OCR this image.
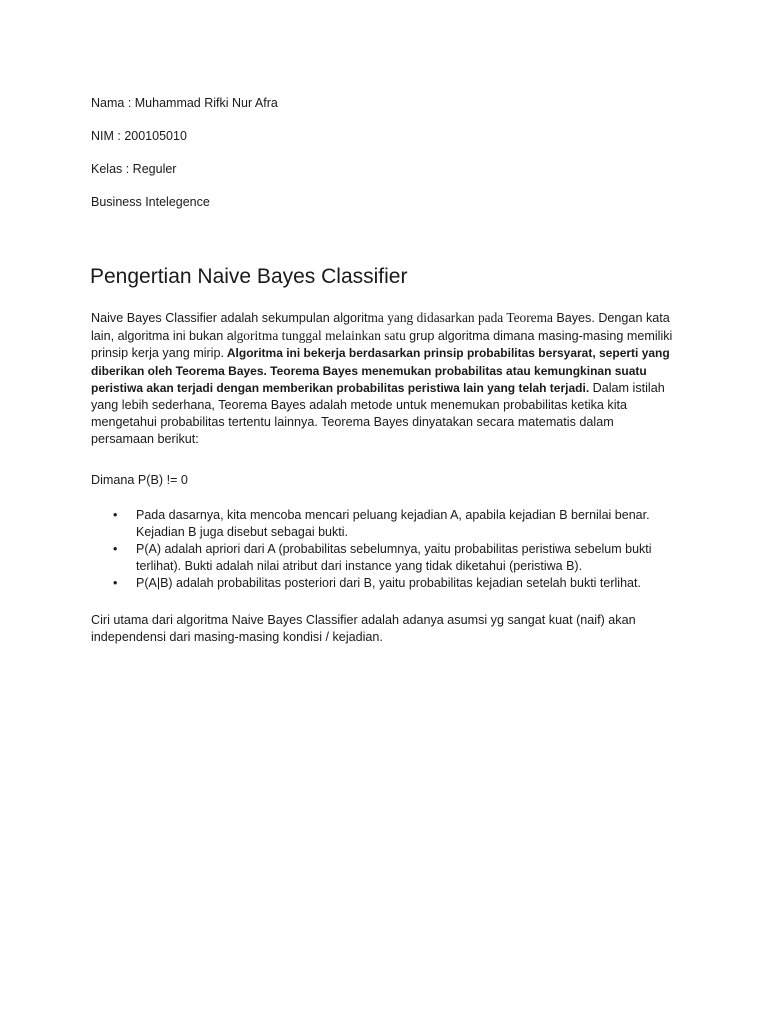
Nama : Muhammad Rifki Nur Afra

NIM : 200105010

Kelas : Reguler

Business Intelegence

Pengertian Naive Bayes Classifier

Naive Bayes Classifier adalah sekumpulan algoritma yang didasarkan pada Teorema Bayes. Dengan kata lain, algoritma ini bukan algoritma tunggal melainkan satu grup algoritma dimana masing-masing memiliki prinsip kerja yang mirip. Algoritma ini bekerja berdasarkan prinsip probabilitas bersyarat, seperti yang diberikan oleh Teorema Bayes. Teorema Bayes menemukan probabilitas atau kemungkinan suatu peristiwa akan terjadi dengan memberikan probabilitas peristiwa lain yang telah terjadi. Dalam istilah yang lebih sederhana, Teorema Bayes adalah metode untuk menemukan probabilitas ketika kita mengetahui probabilitas tertentu lainnya. Teorema Bayes dinyatakan secara matematis dalam persamaan berikut:

Dimana P(B) != 0

• Pada dasarnya, kita mencoba mencari peluang kejadian A, apabila kejadian B bernilai benar. Kejadian B juga disebut sebagai bukti.
• P(A) adalah apriori dari A (probabilitas sebelumnya, yaitu probabilitas peristiwa sebelum bukti terlihat). Bukti adalah nilai atribut dari instance yang tidak diketahui (peristiwa B).
• P(A|B) adalah probabilitas posteriori dari B, yaitu probabilitas kejadian setelah bukti terlihat.

Ciri utama dari algoritma Naive Bayes Classifier adalah adanya asumsi yg sangat kuat (naif) akan independensi dari masing-masing kondisi / kejadian.
